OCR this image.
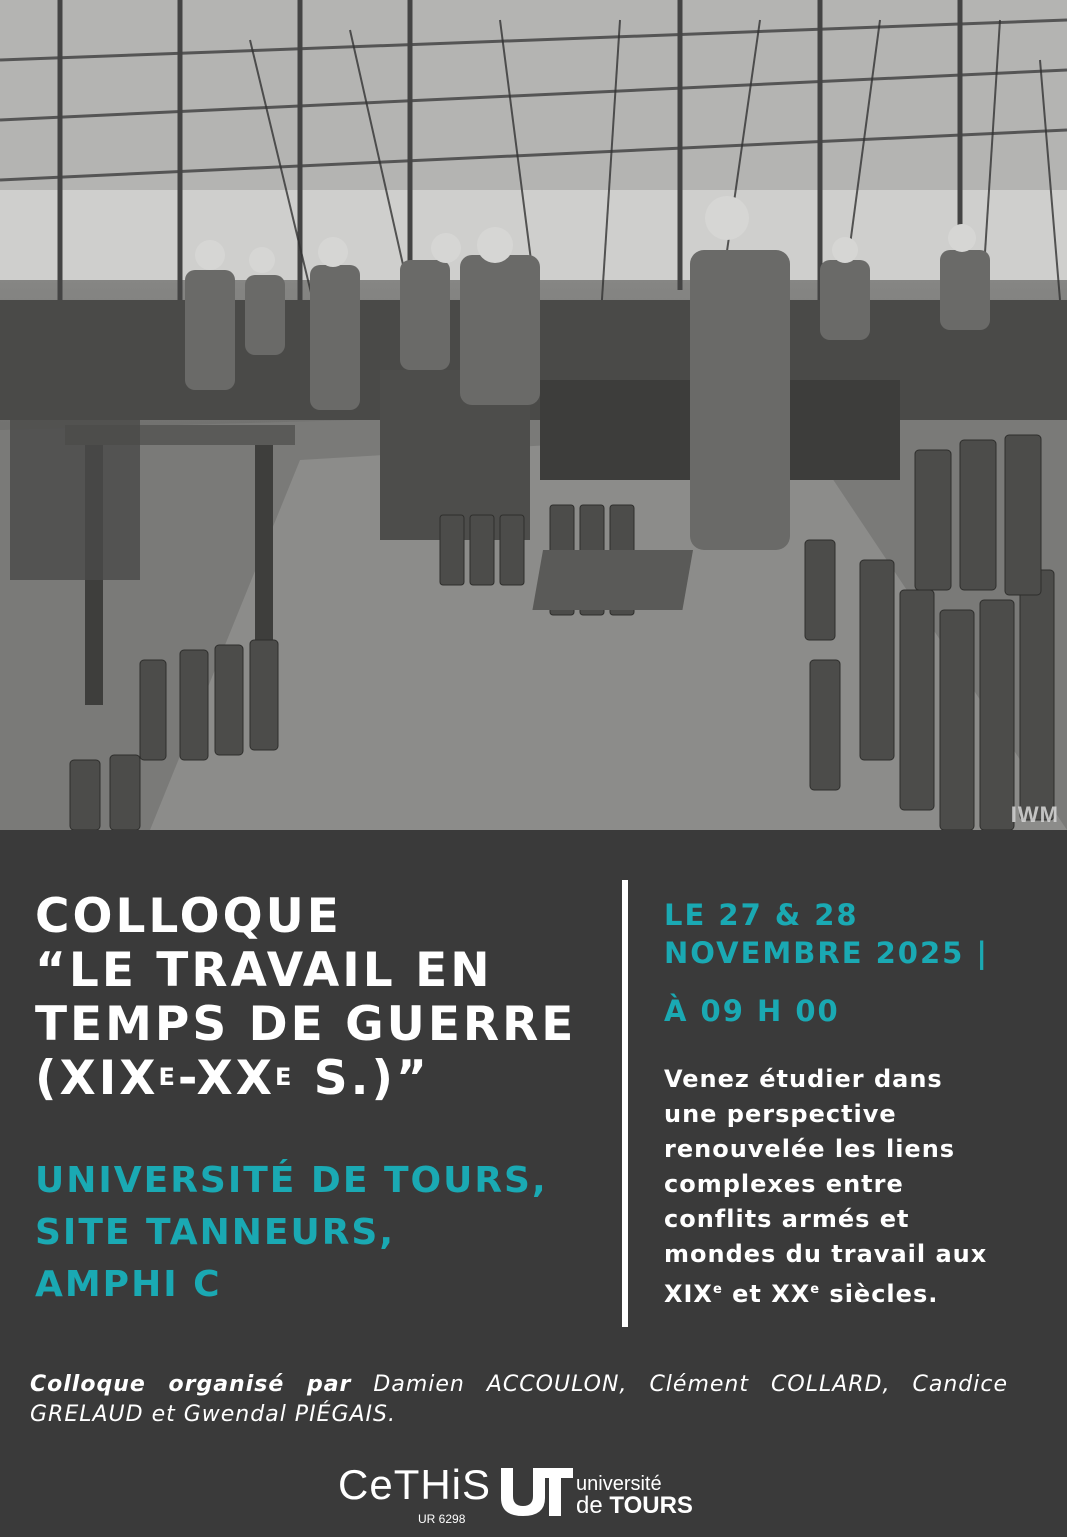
IWM
COLLOQUE
“LE TRAVAIL EN
TEMPS DE GUERRE
($XIX^E-XX^E$ S.)”

UNIVERSITÉ DE TOURS,
SITE TANNEURS,
AMPHI C

LE 27 & 28
NOVEMBRE 2025 |

À 09 H 00

Venez étudier dans
une perspective
renouvelée les liens
complexes entre
conflits armés et
mondes du travail aux
XIXe et XXe siècles.

Colloque organisé par Damien ACCOULON, Clément COLLARD, Candice GRELAUD et Gwendal PIÉGAIS.

CeTHiS
UR 6298
université
de TOURS
